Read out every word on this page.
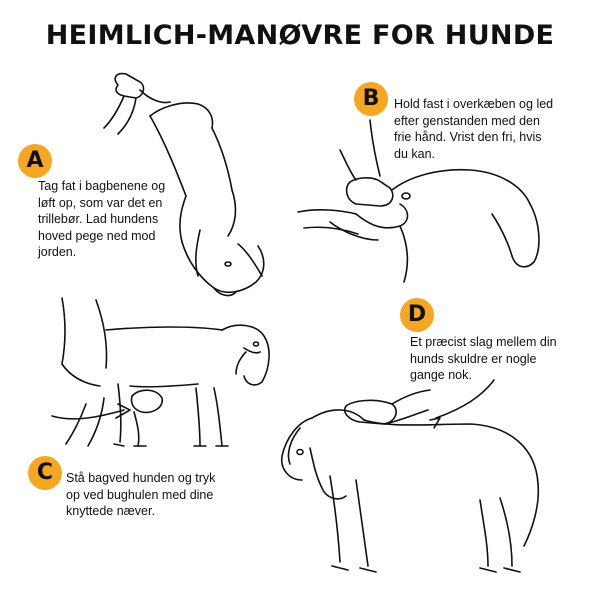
HEIMLICH-MANØVRE FOR HUNDE
A
Tag fat i bagbenene og løft op, som var det en trillebør. Lad hundens hoved pege ned mod jorden.
B	Hold fast i overkæben og led efter genstanden med den frie hånd. Vrist den fri, hvis du kan.
C	Stå bagved hunden og tryk op ved bughulen med dine knyttede næver.
D
Et præcist slag mellem din hunds skuldre er nogle gange nok.
